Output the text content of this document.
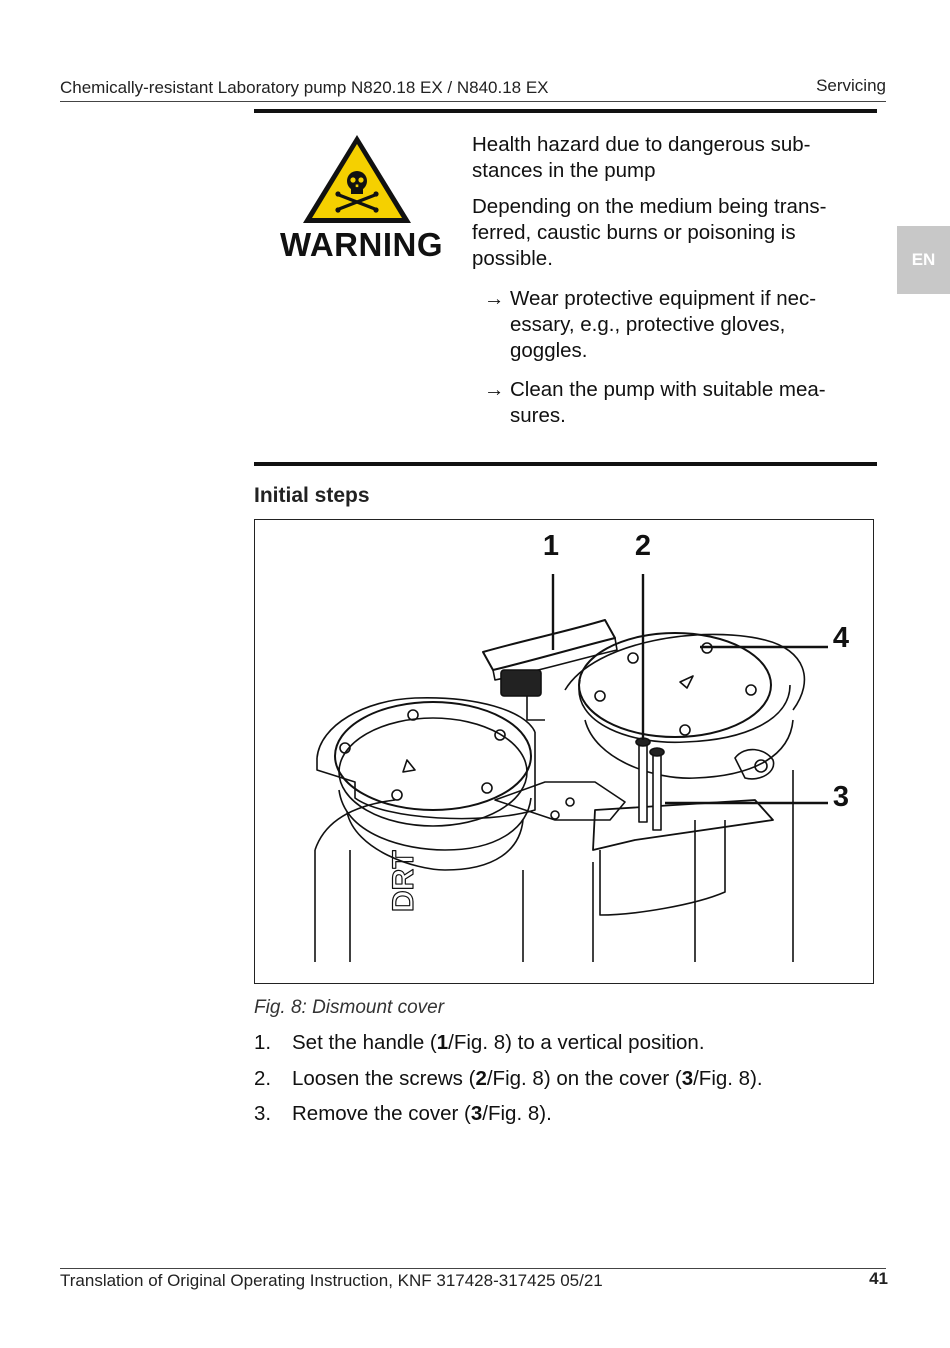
Chemically-resistant Laboratory pump N820.18 EX / N840.18 EX	Servicing
EN
WARNING
Health hazard due to dangerous sub-
stances in the pump
Depending on the medium being trans-
ferred, caustic burns or poisoning is
possible.
→ Wear protective equipment if nec-
essary, e.g., protective gloves,
goggles.
→ Clean the pump with suitable mea-
sures.
Initial steps
DRT
1	2
4
3
Fig. 8: Dismount cover
1. Set the handle (1/Fig. 8) to a vertical position.
2. Loosen the screws (2/Fig. 8) on the cover (3/Fig. 8).
3. Remove the cover (3/Fig. 8).
Translation of Original Operating Instruction, KNF 317428-317425 05/21	41
